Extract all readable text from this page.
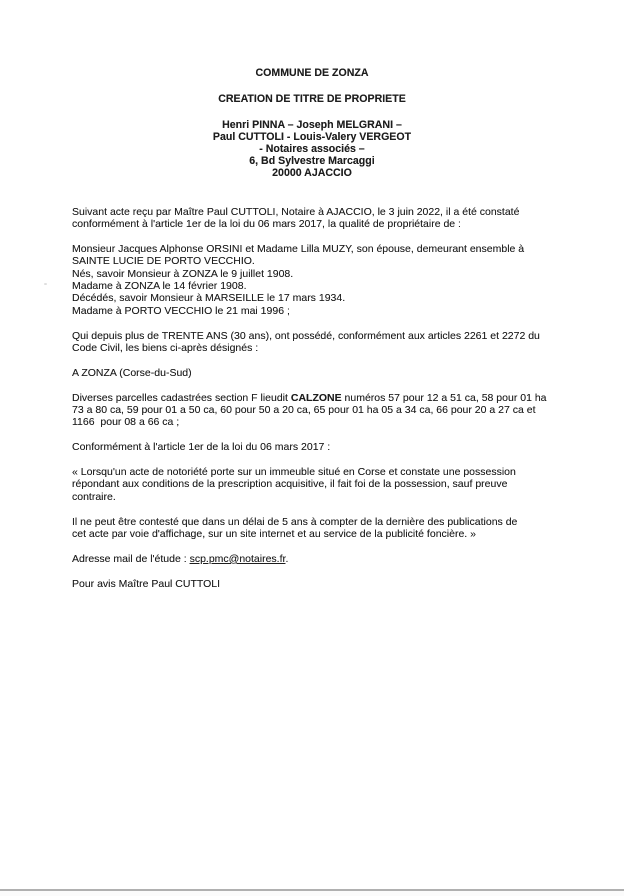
COMMUNE DE ZONZA
CREATION DE TITRE DE PROPRIETE
Henri PINNA – Joseph MELGRANI –
Paul CUTTOLI - Louis-Valery VERGEOT
- Notaires associés –
6, Bd Sylvestre Marcaggi
20000 AJACCIO
Suivant acte reçu par Maître Paul CUTTOLI, Notaire à AJACCIO, le 3 juin 2022, il a été constaté
conformément à l'article 1er de la loi du 06 mars 2017, la qualité de propriétaire de :
Monsieur Jacques Alphonse ORSINI et Madame Lilla MUZY, son épouse, demeurant ensemble à
SAINTE LUCIE DE PORTO VECCHIO.
Nés, savoir Monsieur à ZONZA le 9 juillet 1908.
Madame à ZONZA le 14 février 1908.
Décédés, savoir Monsieur à MARSEILLE le 17 mars 1934.
Madame à PORTO VECCHIO le 21 mai 1996 ;
Qui depuis plus de TRENTE ANS (30 ans), ont possédé, conformément aux articles 2261 et 2272 du
Code Civil, les biens ci-après désignés :
A ZONZA (Corse-du-Sud)
Diverses parcelles cadastrées section F lieudit CALZONE numéros 57 pour 12 a 51 ca, 58 pour 01 ha
73 a 80 ca, 59 pour 01 a 50 ca, 60 pour 50 a 20 ca, 65 pour 01 ha 05 a 34 ca, 66 pour 20 a 27 ca et
1166  pour 08 a 66 ca ;
Conformément à l'article 1er de la loi du 06 mars 2017 :
« Lorsqu'un acte de notoriété porte sur un immeuble situé en Corse et constate une possession
répondant aux conditions de la prescription acquisitive, il fait foi de la possession, sauf preuve
contraire.
Il ne peut être contesté que dans un délai de 5 ans à compter de la dernière des publications de
cet acte par voie d'affichage, sur un site internet et au service de la publicité foncière. »
Adresse mail de l'étude : scp.pmc@notaires.fr.
Pour avis Maître Paul CUTTOLI
